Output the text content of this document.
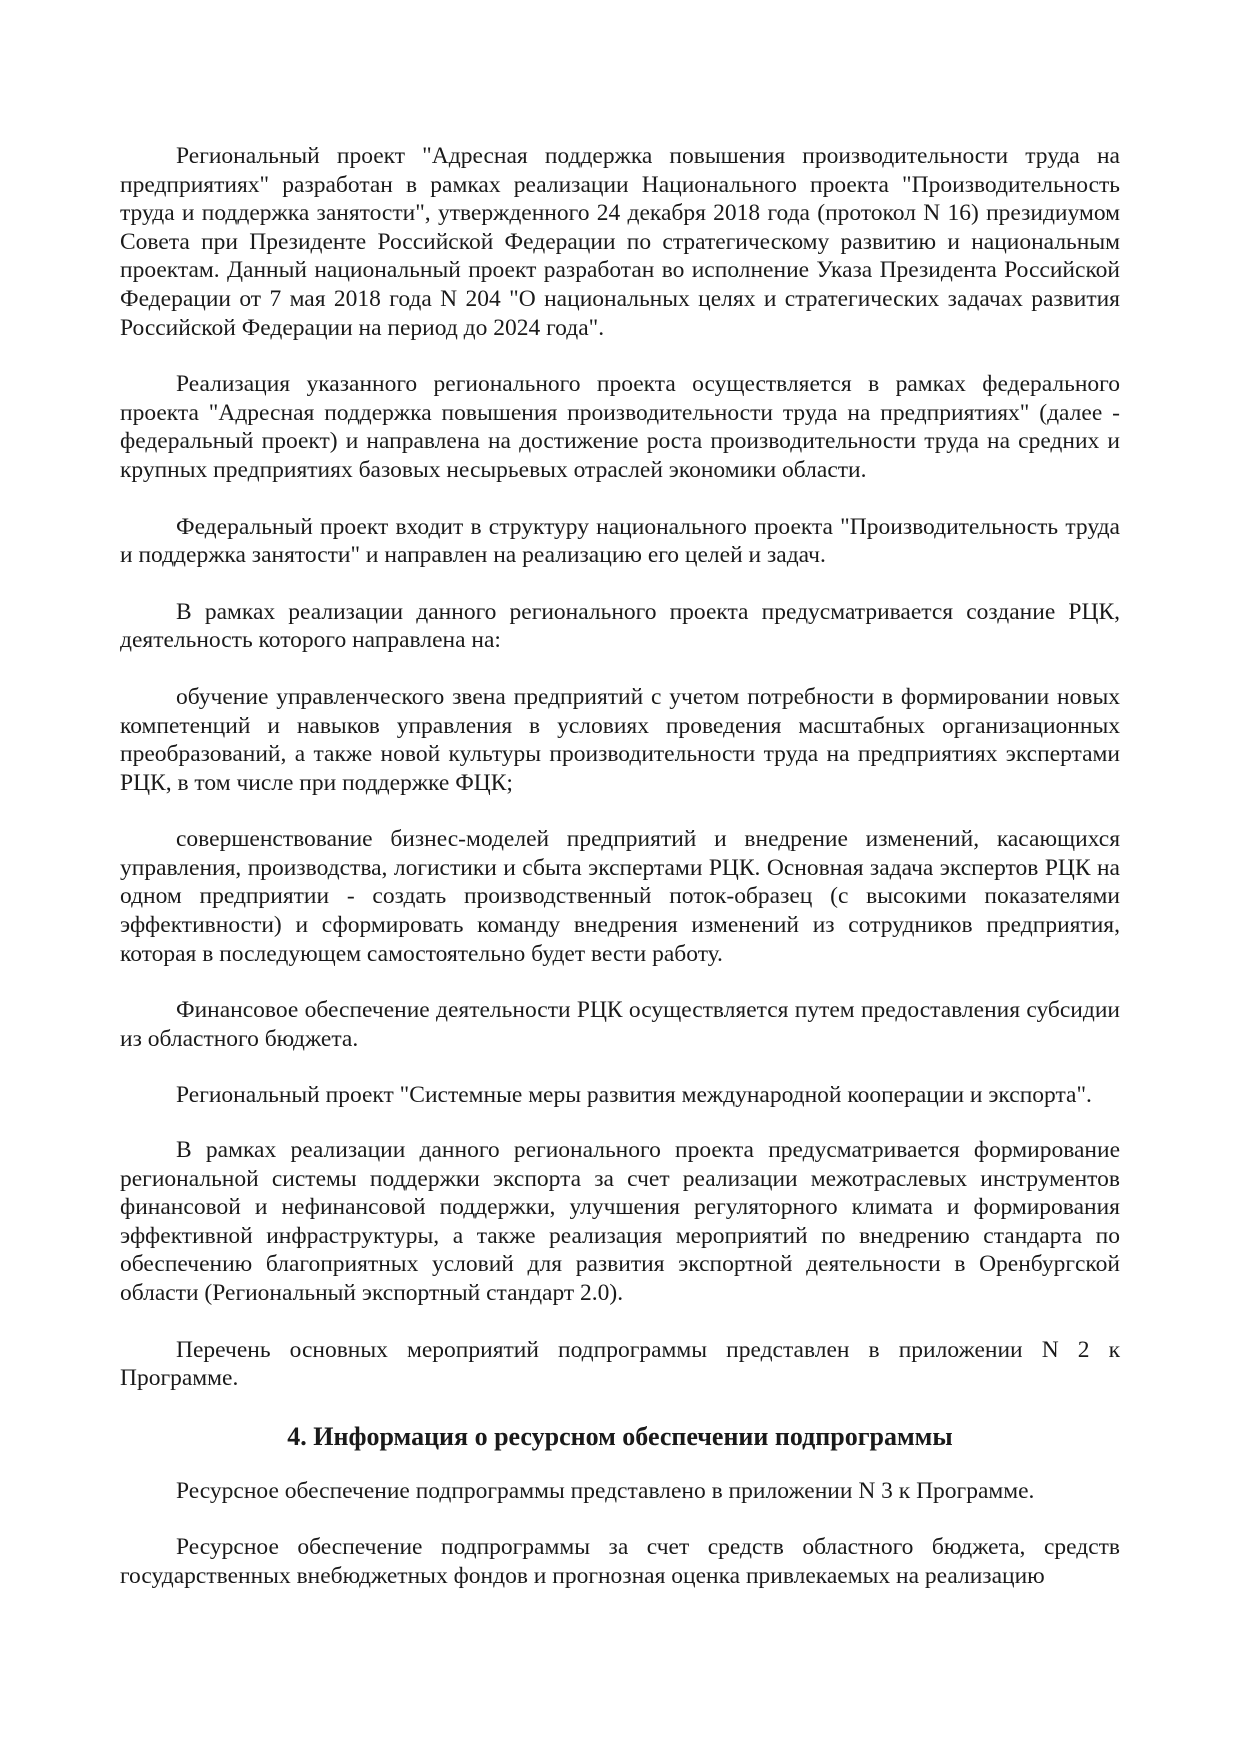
Региональный проект "Адресная поддержка повышения производительности труда на предприятиях" разработан в рамках реализации Национального проекта "Производительность труда и поддержка занятости", утвержденного 24 декабря 2018 года (протокол N 16) президиумом Совета при Президенте Российской Федерации по стратегическому развитию и национальным проектам. Данный национальный проект разработан во исполнение Указа Президента Российской Федерации от 7 мая 2018 года N 204 "О национальных целях и стратегических задачах развития Российской Федерации на период до 2024 года".

Реализация указанного регионального проекта осуществляется в рамках федерального проекта "Адресная поддержка повышения производительности труда на предприятиях" (далее - федеральный проект) и направлена на достижение роста производительности труда на средних и крупных предприятиях базовых несырьевых отраслей экономики области.

Федеральный проект входит в структуру национального проекта "Производительность труда и поддержка занятости" и направлен на реализацию его целей и задач.

В рамках реализации данного регионального проекта предусматривается создание РЦК, деятельность которого направлена на:

обучение управленческого звена предприятий с учетом потребности в формировании новых компетенций и навыков управления в условиях проведения масштабных организационных преобразований, а также новой культуры производительности труда на предприятиях экспертами РЦК, в том числе при поддержке ФЦК;

совершенствование бизнес-моделей предприятий и внедрение изменений, касающихся управления, производства, логистики и сбыта экспертами РЦК. Основная задача экспертов РЦК на одном предприятии - создать производственный поток-образец (с высокими показателями эффективности) и сформировать команду внедрения изменений из сотрудников предприятия, которая в последующем самостоятельно будет вести работу.

Финансовое обеспечение деятельности РЦК осуществляется путем предоставления субсидии из областного бюджета.

Региональный проект "Системные меры развития международной кооперации и экспорта".

В рамках реализации данного регионального проекта предусматривается формирование региональной системы поддержки экспорта за счет реализации межотраслевых инструментов финансовой и нефинансовой поддержки, улучшения регуляторного климата и формирования эффективной инфраструктуры, а также реализация мероприятий по внедрению стандарта по обеспечению благоприятных условий для развития экспортной деятельности в Оренбургской области (Региональный экспортный стандарт 2.0).

Перечень основных мероприятий подпрограммы представлен в приложении N 2 к Программе.

4. Информация о ресурсном обеспечении подпрограммы

Ресурсное обеспечение подпрограммы представлено в приложении N 3 к Программе.

Ресурсное обеспечение подпрограммы за счет средств областного бюджета, средств государственных внебюджетных фондов и прогнозная оценка привлекаемых на реализацию
